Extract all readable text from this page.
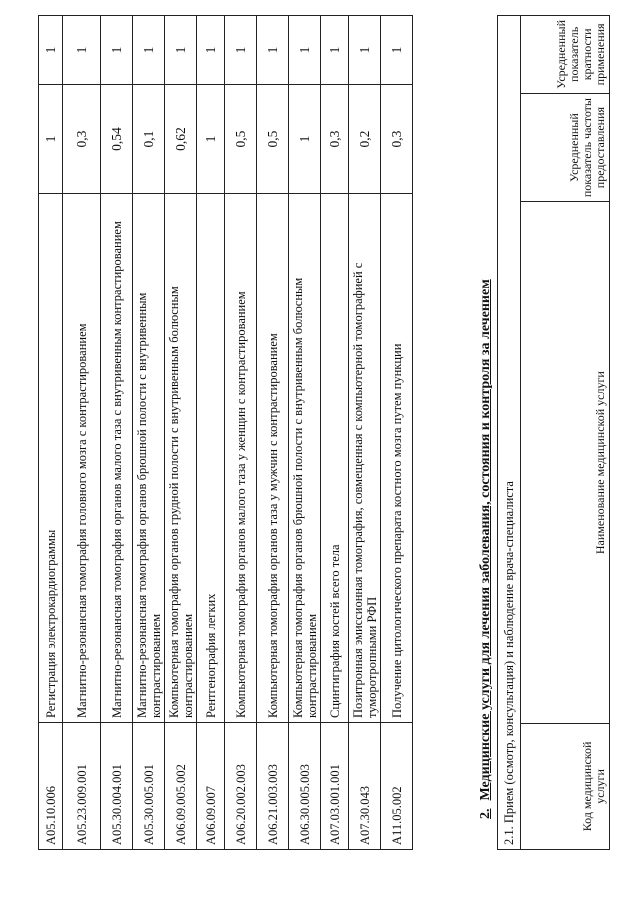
A05.10.006	Регистрация электрокардиограммы	1	1
A05.23.009.001	Магнитно-резонансная томография головного мозга с контрастированием	0,3	1
A05.30.004.001	Магнитно-резонансная томография органов малого таза с внутривенным контрастированием	0,54	1
A05.30.005.001	Магнитно-резонансная томография органов брюшной полости с внутривенным контрастированием	0,1	1
A06.09.005.002	Компьютерная томография органов грудной полости с внутривенным болюсным контрастированием	0,62	1
A06.09.007	Рентгенография легких	1	1
A06.20.002.003	Компьютерная томография органов малого таза у женщин с контрастированием	0,5	1
A06.21.003.003	Компьютерная томография органов таза у мужчин с контрастированием	0,5	1
A06.30.005.003	Компьютерная томография органов брюшной полости с внутривенным болюсным контрастированием	1	1
A07.03.001.001	Сцинтиграфия костей всего тела	0,3	1
A07.30.043	Позитронная эмиссионная томография, совмещенная с компьютерной томографией с туморотропными РФП	0,2	1
A11.05.002	Получение цитологического препарата костного мозга путем пункции	0,3	1
2.Медицинские услуги для лечения заболевания, состояния и контроля за лечением
2.1. Прием (осмотр, консультация) и наблюдение врача-специалиста
Код медицинской услуги	Наименование медицинской услуги	Усредненный показатель частоты предоставления	Усредненный показатель кратности применения
